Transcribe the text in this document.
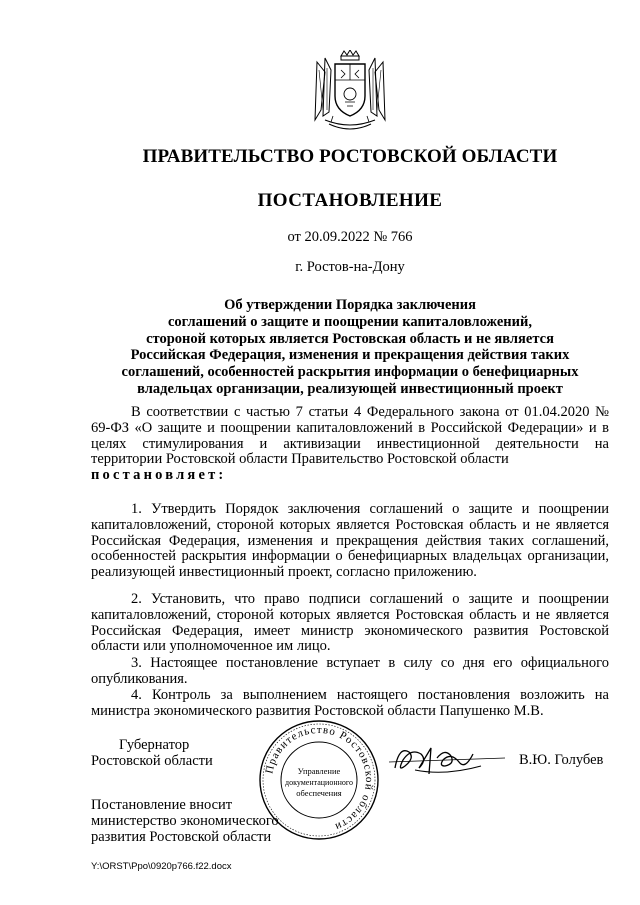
ПРАВИТЕЛЬСТВО РОСТОВСКОЙ ОБЛАСТИ
ПОСТАНОВЛЕНИЕ
от 20.09.2022 № 766
г. Ростов-на-Дону
Об утверждении Порядка заключения
соглашений о защите и поощрении капиталовложений,
стороной которых является Ростовская область и не является
Российская Федерация, изменения и прекращения действия таких
соглашений, особенностей раскрытия информации о бенефициарных
владельцах организации, реализующей инвестиционный проект
В соответствии с частью 7 статьи 4 Федерального закона от 01.04.2020 № 69-ФЗ «О защите и поощрении капиталовложений в Российской Федерации» и в целях стимулирования и активизации инвестиционной деятельности на территории Ростовской области Правительство Ростовской области
постановляет:
1. Утвердить Порядок заключения соглашений о защите и поощрении капиталовложений, стороной которых является Ростовская область и не является Российская Федерация, изменения и прекращения действия таких соглашений, особенностей раскрытия информации о бенефициарных владельцах организации, реализующей инвестиционный проект, согласно приложению.
2. Установить, что право подписи соглашений о защите и поощрении капиталовложений, стороной которых является Ростовская область и не является Российская Федерация, имеет министр экономического развития Ростовской области или уполномоченное им лицо.
3. Настоящее постановление вступает в силу со дня его официального опубликования.
4. Контроль за выполнением настоящего постановления возложить на министра экономического развития Ростовской области Папушенко М.В.
Губернатор
Ростовской области
Правительство Ростовской области
Управление
документационного
обеспечения
В.Ю. Голубев
Постановление вносит
министерство экономического
развития Ростовской области
Y:\ORST\Ppo\0920p766.f22.docx
